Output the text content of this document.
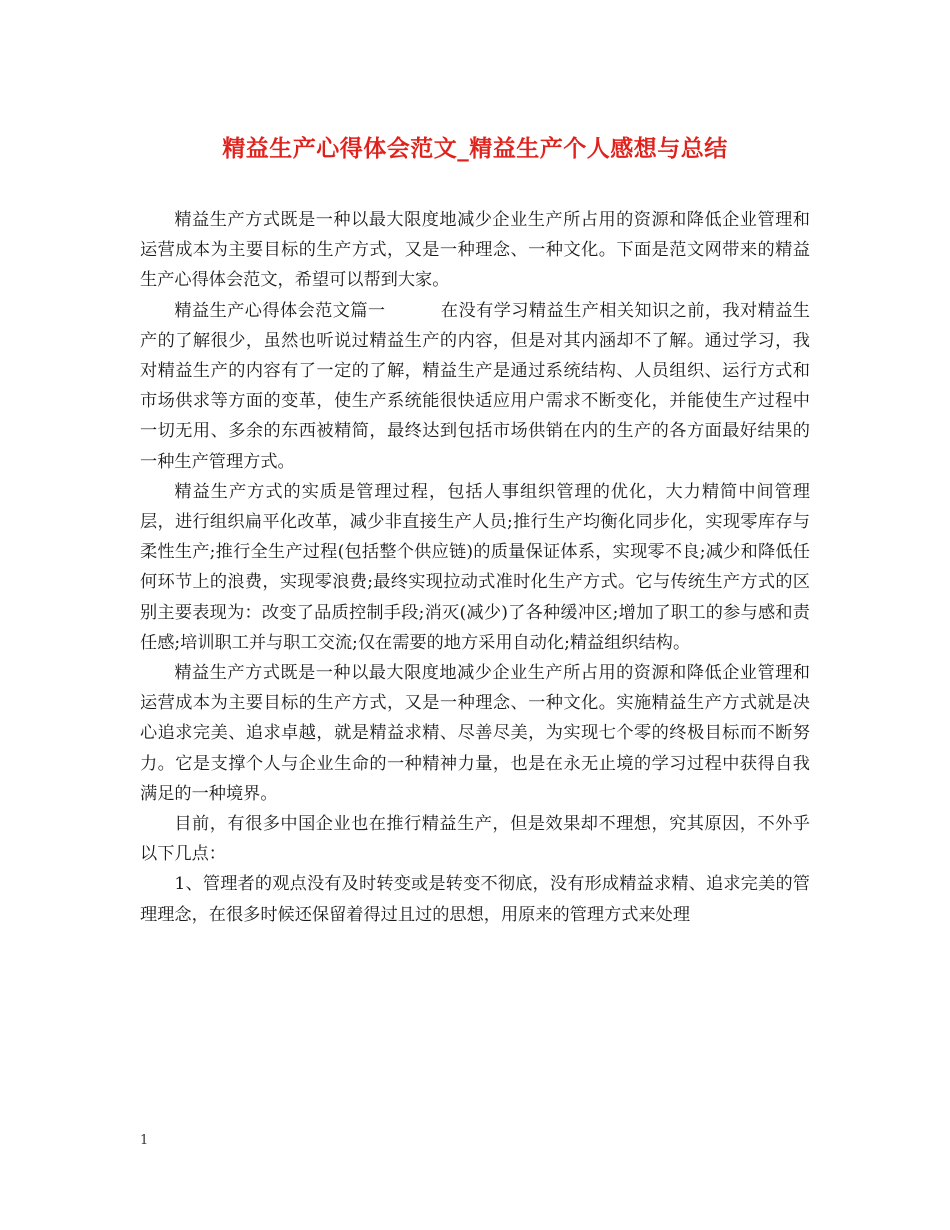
精益生产心得体会范文_精益生产个人感想与总结

精益生产方式既是一种以最大限度地减少企业生产所占用的资源和降低企业管理和运营成本为主要目标的生产方式，又是一种理念、一种文化。下面是范文网带来的精益生产心得体会范文，希望可以帮到大家。

精益生产心得体会范文篇一	在没有学习精益生产相关知识之前，我对精益生产的了解很少，虽然也听说过精益生产的内容，但是对其内涵却不了解。通过学习，我对精益生产的内容有了一定的了解，精益生产是通过系统结构、人员组织、运行方式和市场供求等方面的变革，使生产系统能很快适应用户需求不断变化，并能使生产过程中一切无用、多余的东西被精简，最终达到包括市场供销在内的生产的各方面最好结果的一种生产管理方式。

精益生产方式的实质是管理过程，包括人事组织管理的优化，大力精简中间管理层，进行组织扁平化改革，减少非直接生产人员;推行生产均衡化同步化，实现零库存与柔性生产;推行全生产过程(包括整个供应链)的质量保证体系，实现零不良;减少和降低任何环节上的浪费，实现零浪费;最终实现拉动式准时化生产方式。它与传统生产方式的区别主要表现为：改变了品质控制手段;消灭(减少)了各种缓冲区;增加了职工的参与感和责任感;培训职工并与职工交流;仅在需要的地方采用自动化;精益组织结构。

精益生产方式既是一种以最大限度地减少企业生产所占用的资源和降低企业管理和运营成本为主要目标的生产方式，又是一种理念、一种文化。实施精益生产方式就是决心追求完美、追求卓越，就是精益求精、尽善尽美，为实现七个零的终极目标而不断努力。它是支撑个人与企业生命的一种精神力量，也是在永无止境的学习过程中获得自我满足的一种境界。

目前，有很多中国企业也在推行精益生产，但是效果却不理想，究其原因，不外乎以下几点：

1、管理者的观点没有及时转变或是转变不彻底，没有形成精益求精、追求完美的管理理念，在很多时候还保留着得过且过的思想，用原来的管理方式来处理

1
